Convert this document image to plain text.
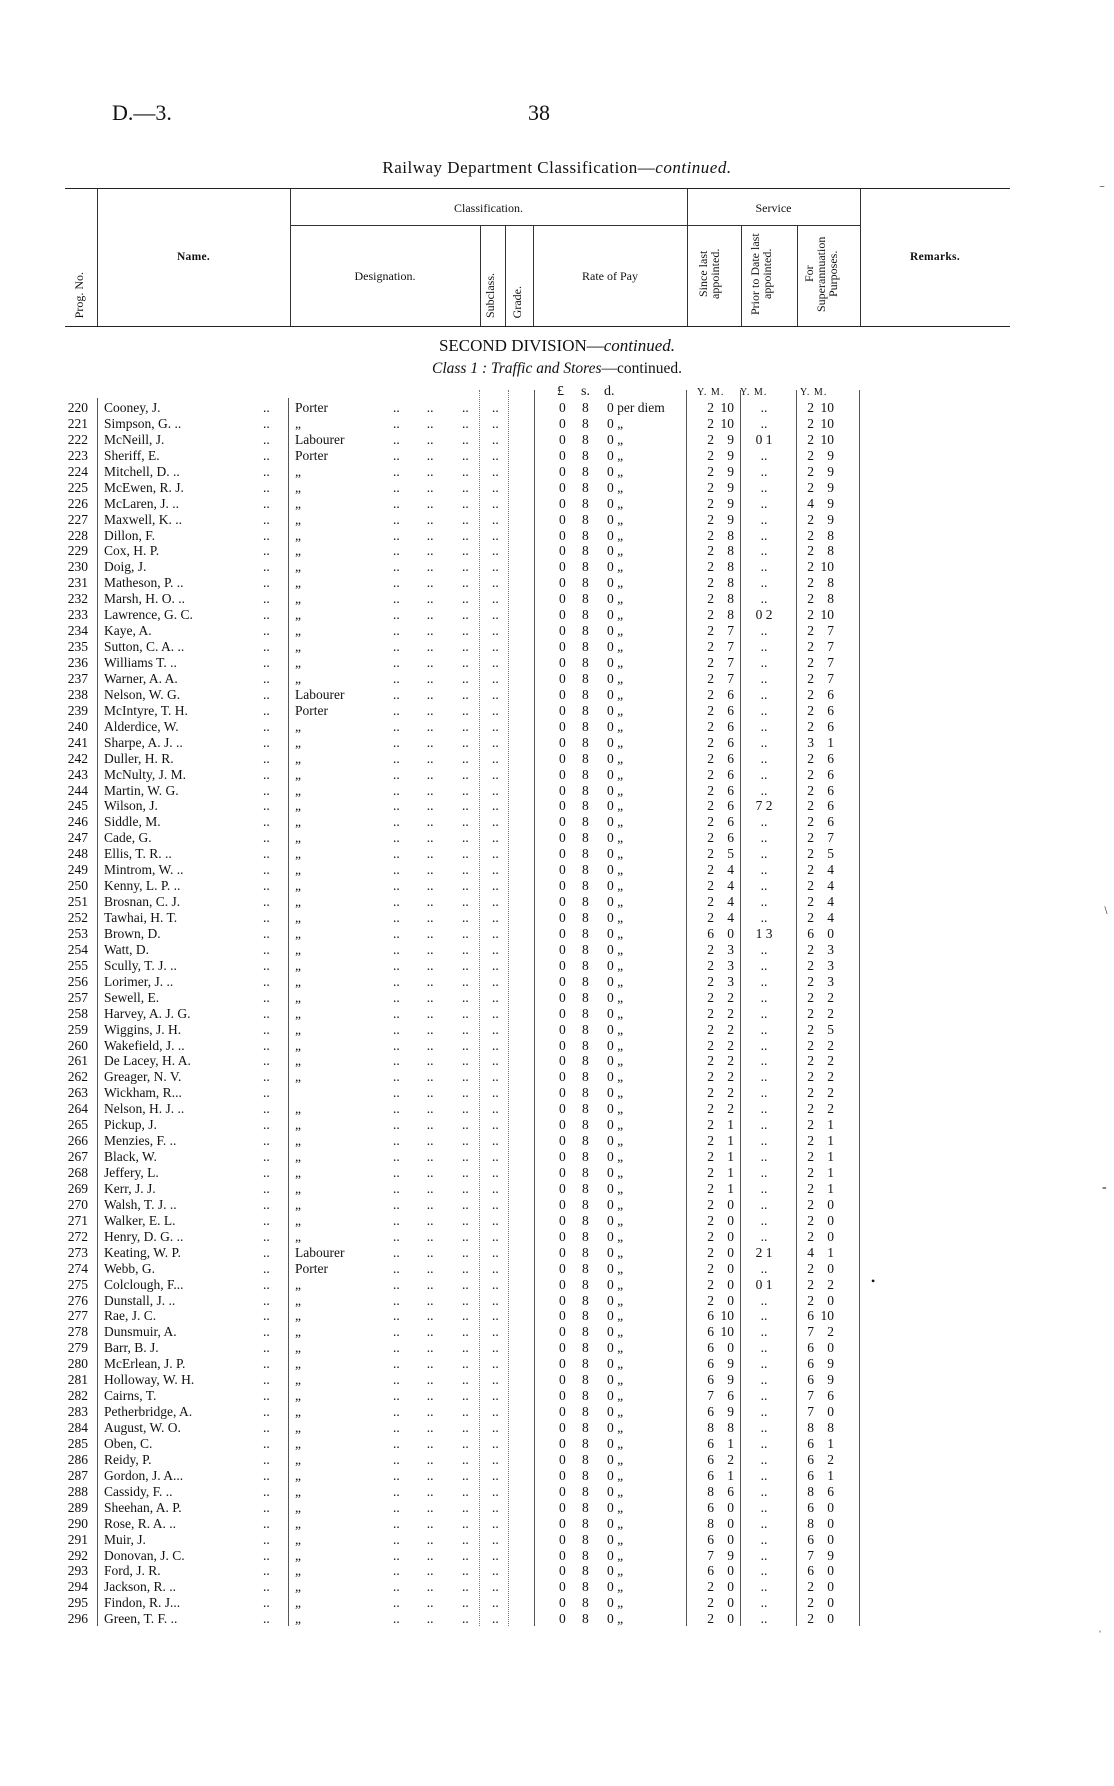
D.—3.	38
Railway Department Classification—continued.
Prog. No.
Name.
Classification.
Designation.	Subclass. Grade.
Rate of Pay
Service
Since last appointed.	Prior to Date last appointed.	For Superannuation Purposes.	Remarks.
SECOND DIVISION—continued.
Class 1 : Traffic and Stores—continued.
£ s. d.	Y. M. Y. M.	Y. M.
220 Cooney, J.	.. Porter	..        .. .. ..	0 8 0 per diem	2 10	..	2 10
221 Simpson, G. ..	.. „	..        .. .. ..	0 8 0 „	2 10	..	2 10
222 McNeill, J.	.. Labourer	..        .. .. ..	0 8 0 „	2 9	0 1	2 10
223 Sheriff, E.	.. Porter	..        .. .. ..	0 8 0 „	2 9	..	2 9
224 Mitchell, D. ..	.. „	..        .. .. ..	0 8 0 „	2 9	..	2 9
225 McEwen, R. J.	.. „	..        .. .. ..	0 8 0 „	2 9	..	2 9
226 McLaren, J. ..	.. „	..        .. .. ..	0 8 0 „	2 9	..	4 9
227 Maxwell, K. ..	.. „	..        .. .. ..	0 8 0 „	2 9	..	2 9
228 Dillon, F.	.. „	..        .. .. ..	0 8 0 „	2 8	..	2 8
229 Cox, H. P.	.. „	..        .. .. ..	0 8 0 „	2 8	..	2 8
230 Doig, J.	.. „	..        .. .. ..	0 8 0 „	2 8	..	2 10
231 Matheson, P. ..	.. „	..        .. .. ..	0 8 0 „	2 8	..	2 8
232 Marsh, H. O. ..	.. „	..        .. .. ..	0 8 0 „	2 8	..	2 8
233 Lawrence, G. C.	.. „	..        .. .. ..	0 8 0 „	2 8	0 2	2 10
234 Kaye, A.	.. „	..        .. .. ..	0 8 0 „	2 7	..	2 7
235 Sutton, C. A. ..	.. „	..        .. .. ..	0 8 0 „	2 7	..	2 7
236 Williams T. ..	.. „	..        .. .. ..	0 8 0 „	2 7	..	2 7
237 Warner, A. A.	.. „	..        .. .. ..	0 8 0 „	2 7	..	2 7
238 Nelson, W. G.	.. Labourer	..        .. .. ..	0 8 0 „	2 6	..	2 6
239 McIntyre, T. H.	.. Porter	..        .. .. ..	0 8 0 „	2 6	..	2 6
240 Alderdice, W.	.. „	..        .. .. ..	0 8 0 „	2 6	..	2 6
241 Sharpe, A. J. ..	.. „	..        .. .. ..	0 8 0 „	2 6	..	3 1
242 Duller, H. R.	.. „	..        .. .. ..	0 8 0 „	2 6	..	2 6
243 McNulty, J. M.	.. „	..        .. .. ..	0 8 0 „	2 6	..	2 6
244 Martin, W. G.	.. „	..        .. .. ..	0 8 0 „	2 6	..	2 6
245 Wilson, J.	.. „	..        .. .. ..	0 8 0 „	2 6	7 2	2 6
246 Siddle, M.	.. „	..        .. .. ..	0 8 0 „	2 6	..	2 6
247 Cade, G.	.. „	..        .. .. ..	0 8 0 „	2 6	..	2 7
248 Ellis, T. R. ..	.. „	..        .. .. ..	0 8 0 „	2 5	..	2 5
249 Mintrom, W. ..	.. „	..        .. .. ..	0 8 0 „	2 4	..	2 4
250 Kenny, L. P. ..	.. „	..        .. .. ..	0 8 0 „	2 4	..	2 4
251 Brosnan, C. J.	.. „	..        .. .. ..	0 8 0 „	2 4	..	2 4
252 Tawhai, H. T.	.. „	..        .. .. ..	0 8 0 „	2 4	..	2 4
253 Brown, D.	.. „	..        .. .. ..	0 8 0 „	6 0	1 3	6 0
254 Watt, D.	.. „	..        .. .. ..	0 8 0 „	2 3	..	2 3
255 Scully, T. J. ..	.. „	..        .. .. ..	0 8 0 „	2 3	..	2 3
256 Lorimer, J. ..	.. „	..        .. .. ..	0 8 0 „	2 3	..	2 3
257 Sewell, E.	.. „	..        .. .. ..	0 8 0 „	2 2	..	2 2
258 Harvey, A. J. G.	.. „	..        .. .. ..	0 8 0 „	2 2	..	2 2
259 Wiggins, J. H.	.. „	..        .. .. ..	0 8 0 „	2 2	..	2 5
260 Wakefield, J. ..	.. „	..        .. .. ..	0 8 0 „	2 2	..	2 2
261 De Lacey, H. A.	.. „	..        .. .. ..	0 8 0 „	2 2	..	2 2
262 Greager, N. V.	.. „	..        .. .. ..	0 8 0 „	2 2	..	2 2
263 Wickham, R...	..	..        .. .. ..	0 8 0 „	2 2	..	2 2
264 Nelson, H. J. ..	.. „	..        .. .. ..	0 8 0 „	2 2	..	2 2
265 Pickup, J.	.. „	..        .. .. ..	0 8 0 „	2 1	..	2 1
266 Menzies, F. ..	.. „	..        .. .. ..	0 8 0 „	2 1	..	2 1
267 Black, W.	.. „	..        .. .. ..	0 8 0 „	2 1	..	2 1
268 Jeffery, L.	.. „	..        .. .. ..	0 8 0 „	2 1	..	2 1
269 Kerr, J. J.	.. „	..        .. .. ..	0 8 0 „	2 1	..	2 1
270 Walsh, T. J. ..	.. „	..        .. .. ..	0 8 0 „	2 0	..	2 0
271 Walker, E. L.	.. „	..        .. .. ..	0 8 0 „	2 0	..	2 0
272 Henry, D. G. ..	.. „	..        .. .. ..	0 8 0 „	2 0	..	2 0
273 Keating, W. P.	.. Labourer	..        .. .. ..	0 8 0 „	2 0	2 1	4 1
274 Webb, G.	.. Porter	..        .. .. ..	0 8 0 „	2 0	..	2 0
275 Colclough, F...	.. „	..        .. .. ..	0 8 0 „	2 0	0 1	2 2
276 Dunstall, J. ..	.. „	..        .. .. ..	0 8 0 „	2 0	..	2 0
277 Rae, J. C.	.. „	..        .. .. ..	0 8 0 „	6 10	..	6 10
278 Dunsmuir, A.	.. „	..        .. .. ..	0 8 0 „	6 10	..	7 2
279 Barr, B. J.	.. „	..        .. .. ..	0 8 0 „	6 0	..	6 0
280 McErlean, J. P.	.. „	..        .. .. ..	0 8 0 „	6 9	..	6 9
281 Holloway, W. H.	.. „	..        .. .. ..	0 8 0 „	6 9	..	6 9
282 Cairns, T.	.. „	..        .. .. ..	0 8 0 „	7 6	..	7 6
283 Petherbridge, A.	.. „	..        .. .. ..	0 8 0 „	6 9	..	7 0
284 August, W. O.	.. „	..        .. .. ..	0 8 0 „	8 8	..	8 8
285 Oben, C.	.. „	..        .. .. ..	0 8 0 „	6 1	..	6 1
286 Reidy, P.	.. „	..        .. .. ..	0 8 0 „	6 2	..	6 2
287 Gordon, J. A...	.. „	..        .. .. ..	0 8 0 „	6 1	..	6 1
288 Cassidy, F. ..	.. „	..        .. .. ..	0 8 0 „	8 6	..	8 6
289 Sheehan, A. P.	.. „	..        .. .. ..	0 8 0 „	6 0	..	6 0
290 Rose, R. A. ..	.. „	..        .. .. ..	0 8 0 „	8 0	..	8 0
291 Muir, J.	.. „	..        .. .. ..	0 8 0 „	6 0	..	6 0
292 Donovan, J. C.	.. „	..        .. .. ..	0 8 0 „	7 9	..	7 9
293 Ford, J. R.	.. „	..        .. .. ..	0 8 0 „	6 0	..	6 0
294 Jackson, R. ..	.. „	..        .. .. ..	0 8 0 „	2 0	..	2 0
295 Findon, R. J...	.. „	..        .. .. ..	0 8 0 „	2 0	..	2 0
296 Green, T. F. ..	.. „	..        .. .. ..	0 8 0 „	2 0	..	2 0
﹣
﹨
-
•
ˈ
